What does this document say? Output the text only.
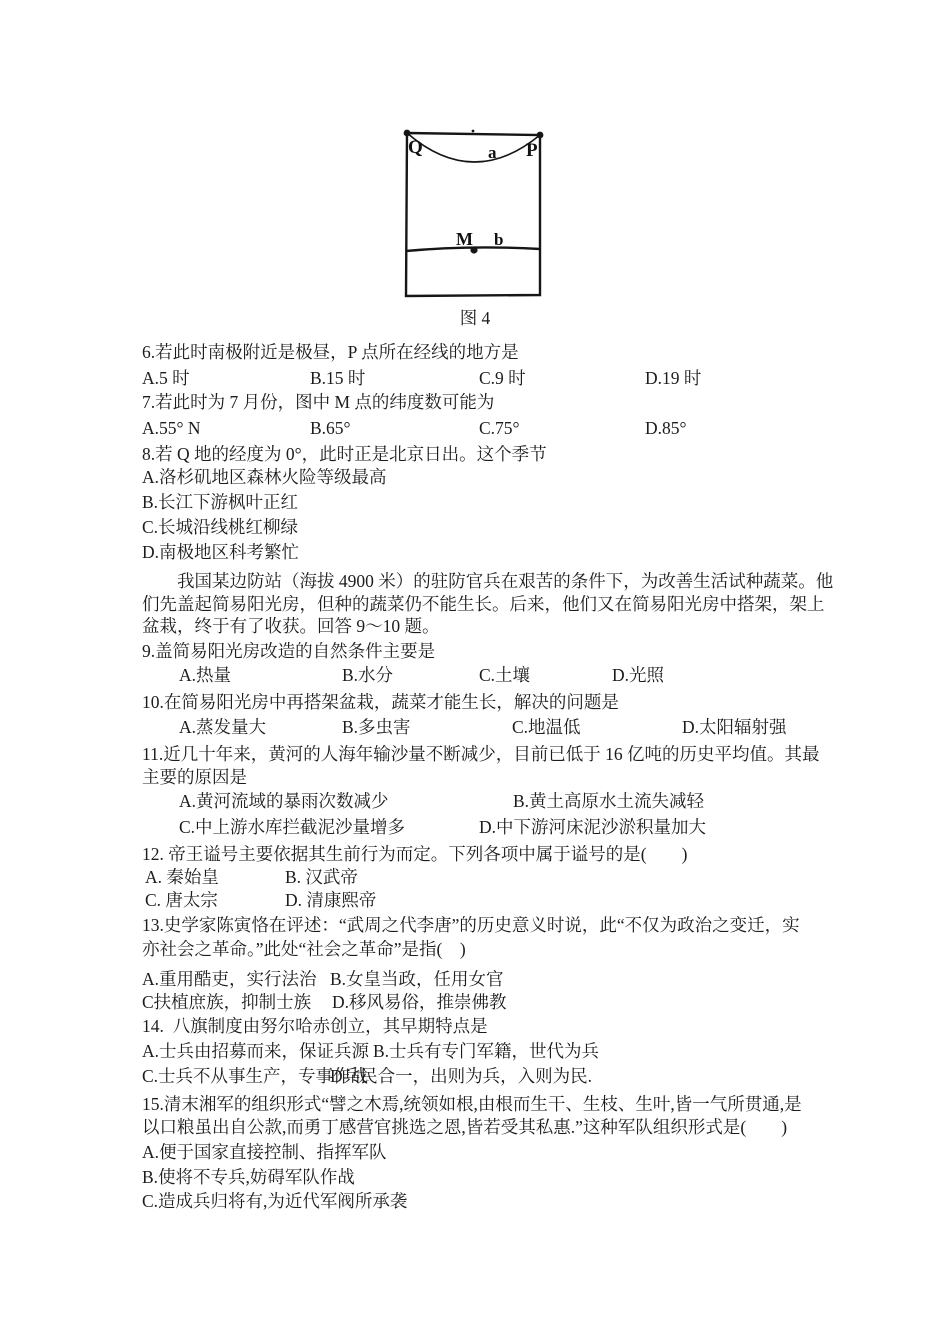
Q	P
a
M b
图 4
6.若此时南极附近是极昼，P 点所在经线的地方是

A.5 时

	B.15 时

	C.9 时

	D.19 时

7.若此时为 7 月份，图中 M 点的纬度数可能为

A.55° N

	B.65°

	C.75°

	D.85°

8.若 Q 地的经度为 0°，此时正是北京日出。这个季节
A.洛杉矶地区森林火险等级最高
B.长江下游枫叶正红
C.长城沿线桃红柳绿
D.南极地区科考繁忙
我国某边防站（海拔 4900 米）的驻防官兵在艰苦的条件下，为改善生活试种蔬菜。他
们先盖起简易阳光房，但种的蔬菜仍不能生长。后来，他们又在简易阳光房中搭架，架上
盆栽，终于有了收获。回答 9～10 题。
9.盖简易阳光房改造的自然条件主要是

A.热量

	B.水分

	C.土壤

	D.光照

10.在简易阳光房中再搭架盆栽，蔬菜才能生长，解决的问题是

A.蒸发量大

	B.多虫害

	C.地温低

	D.太阳辐射强

11.近几十年来，黄河的人海年输沙量不断减少，目前已低于 16 亿吨的历史平均值。其最
主要的原因是

A.黄河流域的暴雨次数减少

	B.黄土高原水土流失减轻

C.中上游水库拦截泥沙量增多

	D.中下游河床泥沙淤积量加大

12. 帝王谥号主要依据其生前行为而定。下列各项中属于谥号的是(　　)

A. 秦始皇

	B. 汉武帝

C. 唐太宗

	D. 清康熙帝

13.史学家陈寅恪在评述：“武周之代李唐”的历史意义时说，此“不仅为政治之变迁，实
亦社会之革命。”此处“社会之革命”是指(　)

A.重用酷吏，实行法治

B.女皇当政，任用女官

C扶植庶族，抑制士族

D.移风易俗，推崇佛教

14.  八旗制度由努尔哈赤创立，其早期特点是

A.士兵由招募而来，保证兵源

B.士兵有专门军籍，世代为兵

C.士兵不从事生产，专事作战

D兵民合一，出则为兵，入则为民.

15.清末湘军的组织形式“譬之木焉,统领如根,由根而生干、生枝、生叶,皆一气所贯通,是
以口粮虽出自公款,而勇丁感营官挑选之恩,皆若受其私惠.”这种军队组织形式是(　　)
A.便于国家直接控制、指挥军队
B.使将不专兵,妨碍军队作战
C.造成兵归将有,为近代军阀所承袭
